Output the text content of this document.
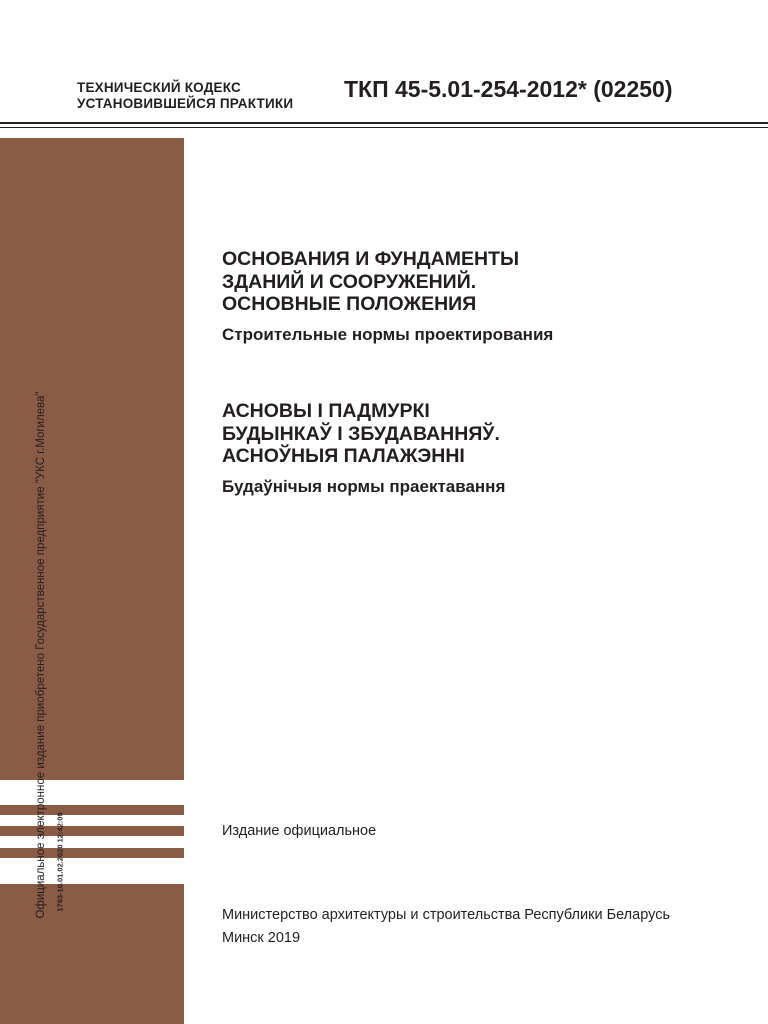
ТЕХНИЧЕСКИЙ КОДЕКС
УСТАНОВИВШЕЙСЯ ПРАКТИКИ
ТКП 45-5.01-254-2012* (02250)
Официальное электронное издание приобретено Государственное предприятие "УКС г.Могилева" 1793-10.01.02.2020 12:42:09
ОСНОВАНИЯ И ФУНДАМЕНТЫ
ЗДАНИЙ И СООРУЖЕНИЙ.
ОСНОВНЫЕ ПОЛОЖЕНИЯ
Строительные нормы проектирования
АСНОВЫ І ПАДМУРКІ
БУДЫНКАЎ І ЗБУДАВАННЯЎ.
АСНОЎНЫЯ ПАЛАЖЭННІ
Будаўнічыя нормы праектавання
Издание официальное
Министерство архитектуры и строительства Республики Беларусь
Минск 2019
